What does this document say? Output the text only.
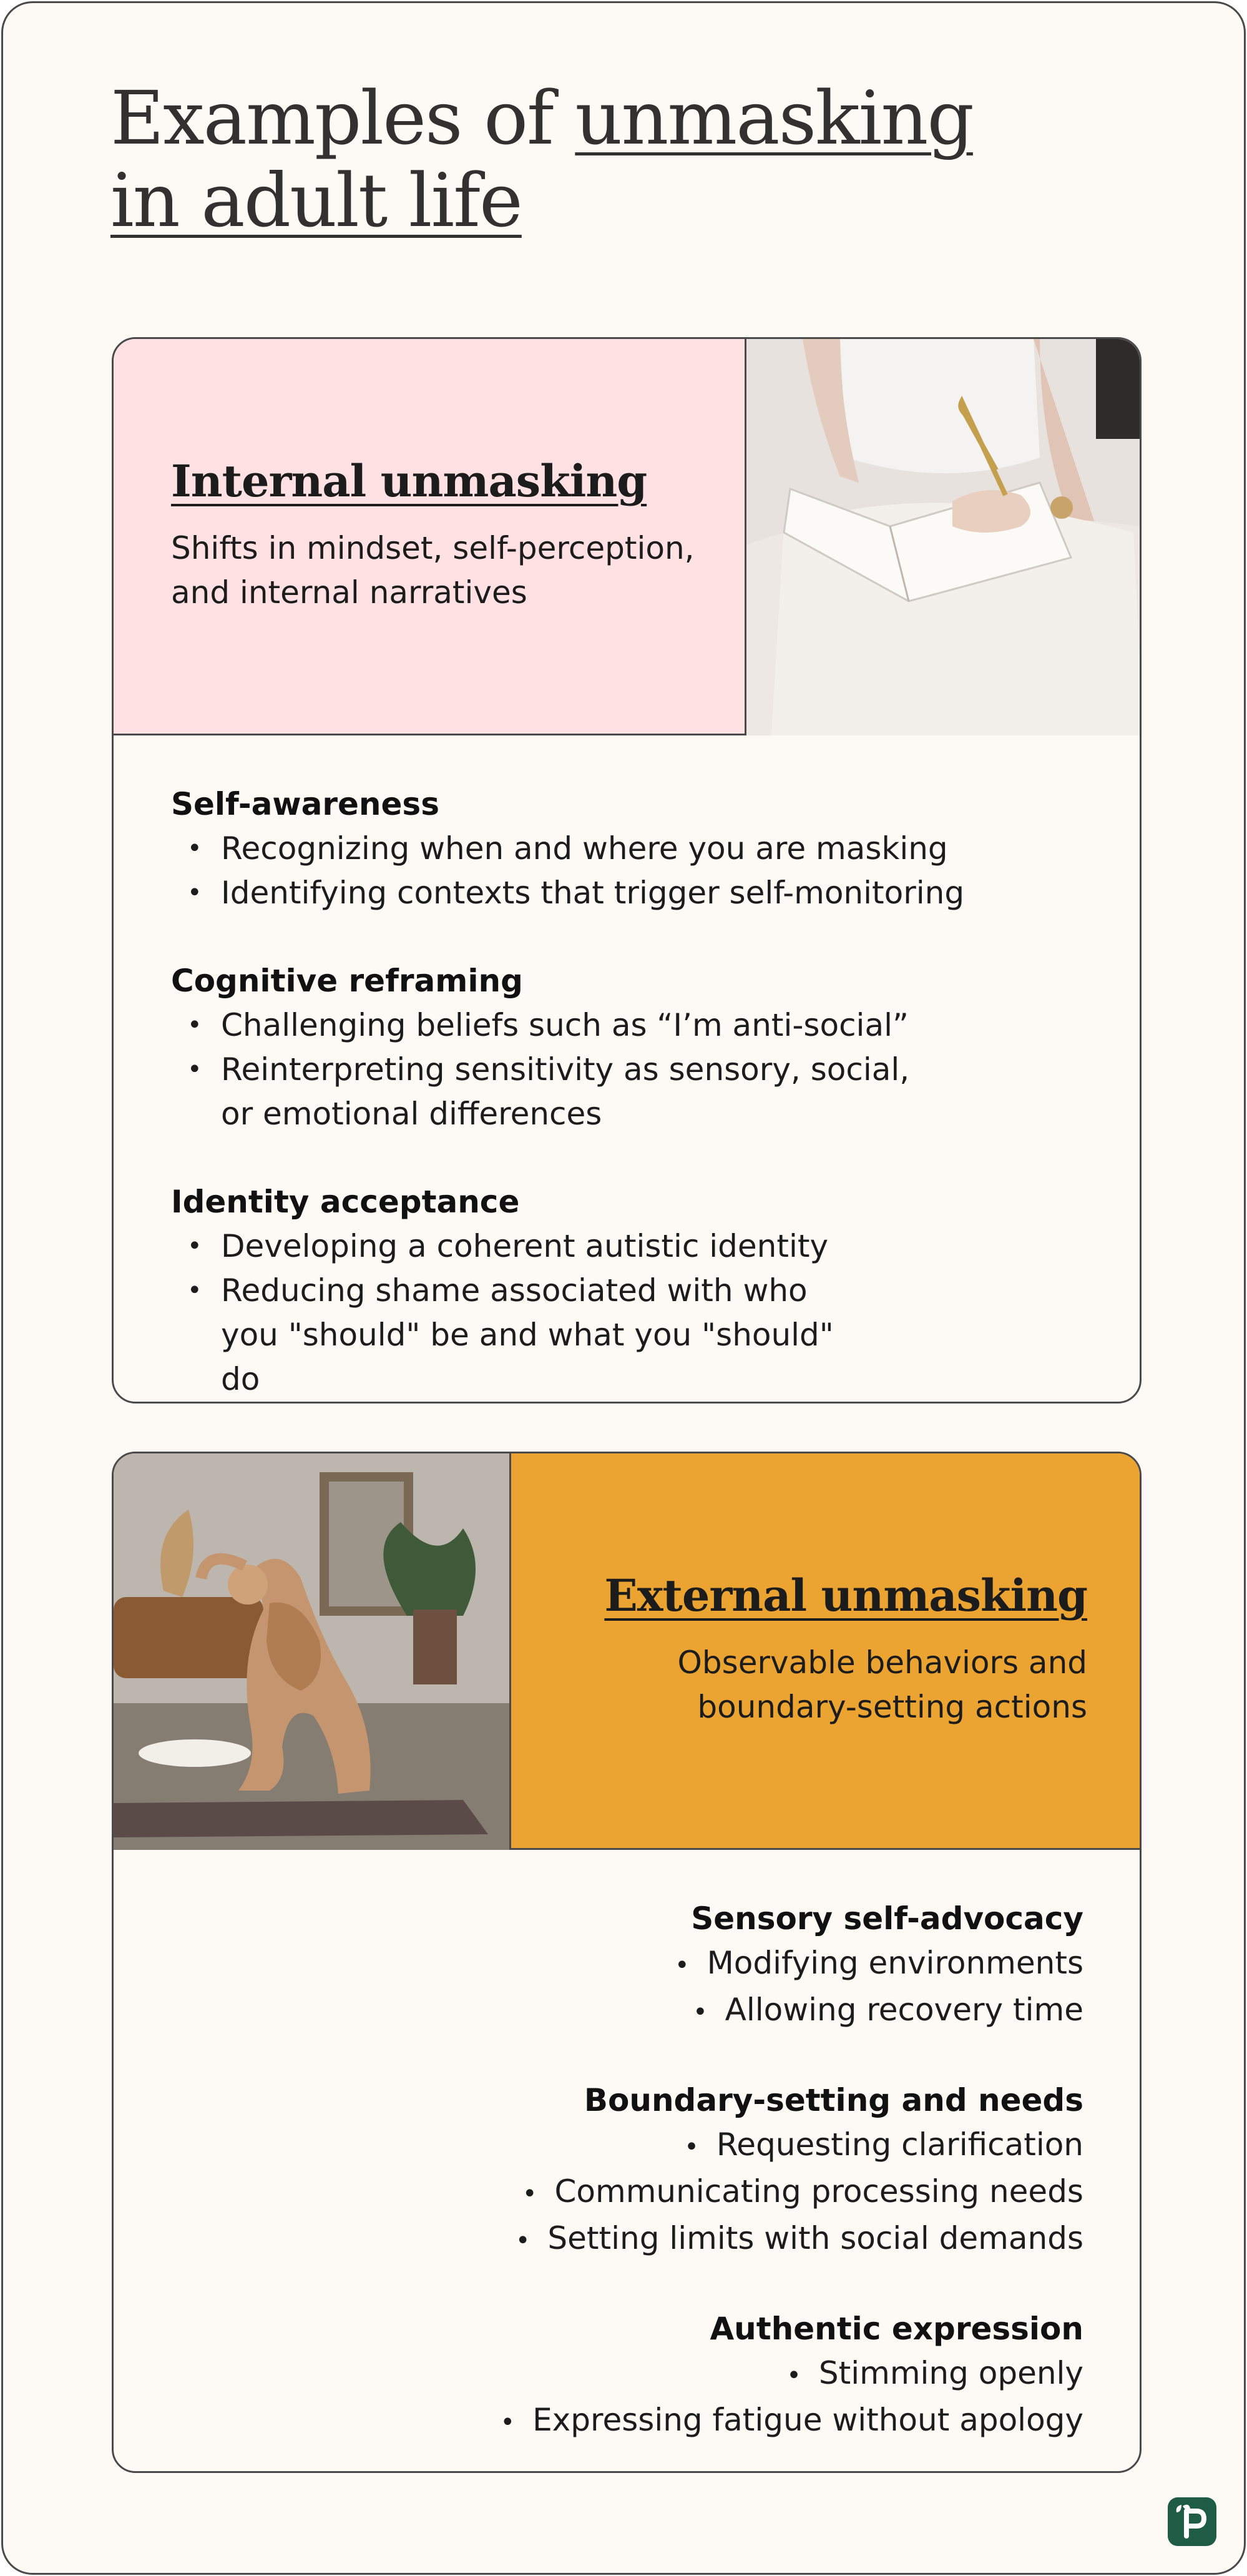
Examples of unmasking
in adult life
Internal unmasking
Shifts in mindset, self-perception, and internal narratives
Self-awareness
• Recognizing when and where you are masking
• Identifying contexts that trigger self-monitoring
Cognitive reframing
• Challenging beliefs such as “I’m anti-social”
• Reinterpreting sensitivity as sensory, social, or emotional differences
Identity acceptance
• Developing a coherent autistic identity
• Reducing shame associated with who you "should" be and what you "should" do
External unmasking
Observable behaviors and boundary-setting actions
Sensory self-advocacy
• Modifying environments
• Allowing recovery time
Boundary-setting and needs
• Requesting clarification
• Communicating processing needs
• Setting limits with social demands
Authentic expression
• Stimming openly
• Expressing fatigue without apology
